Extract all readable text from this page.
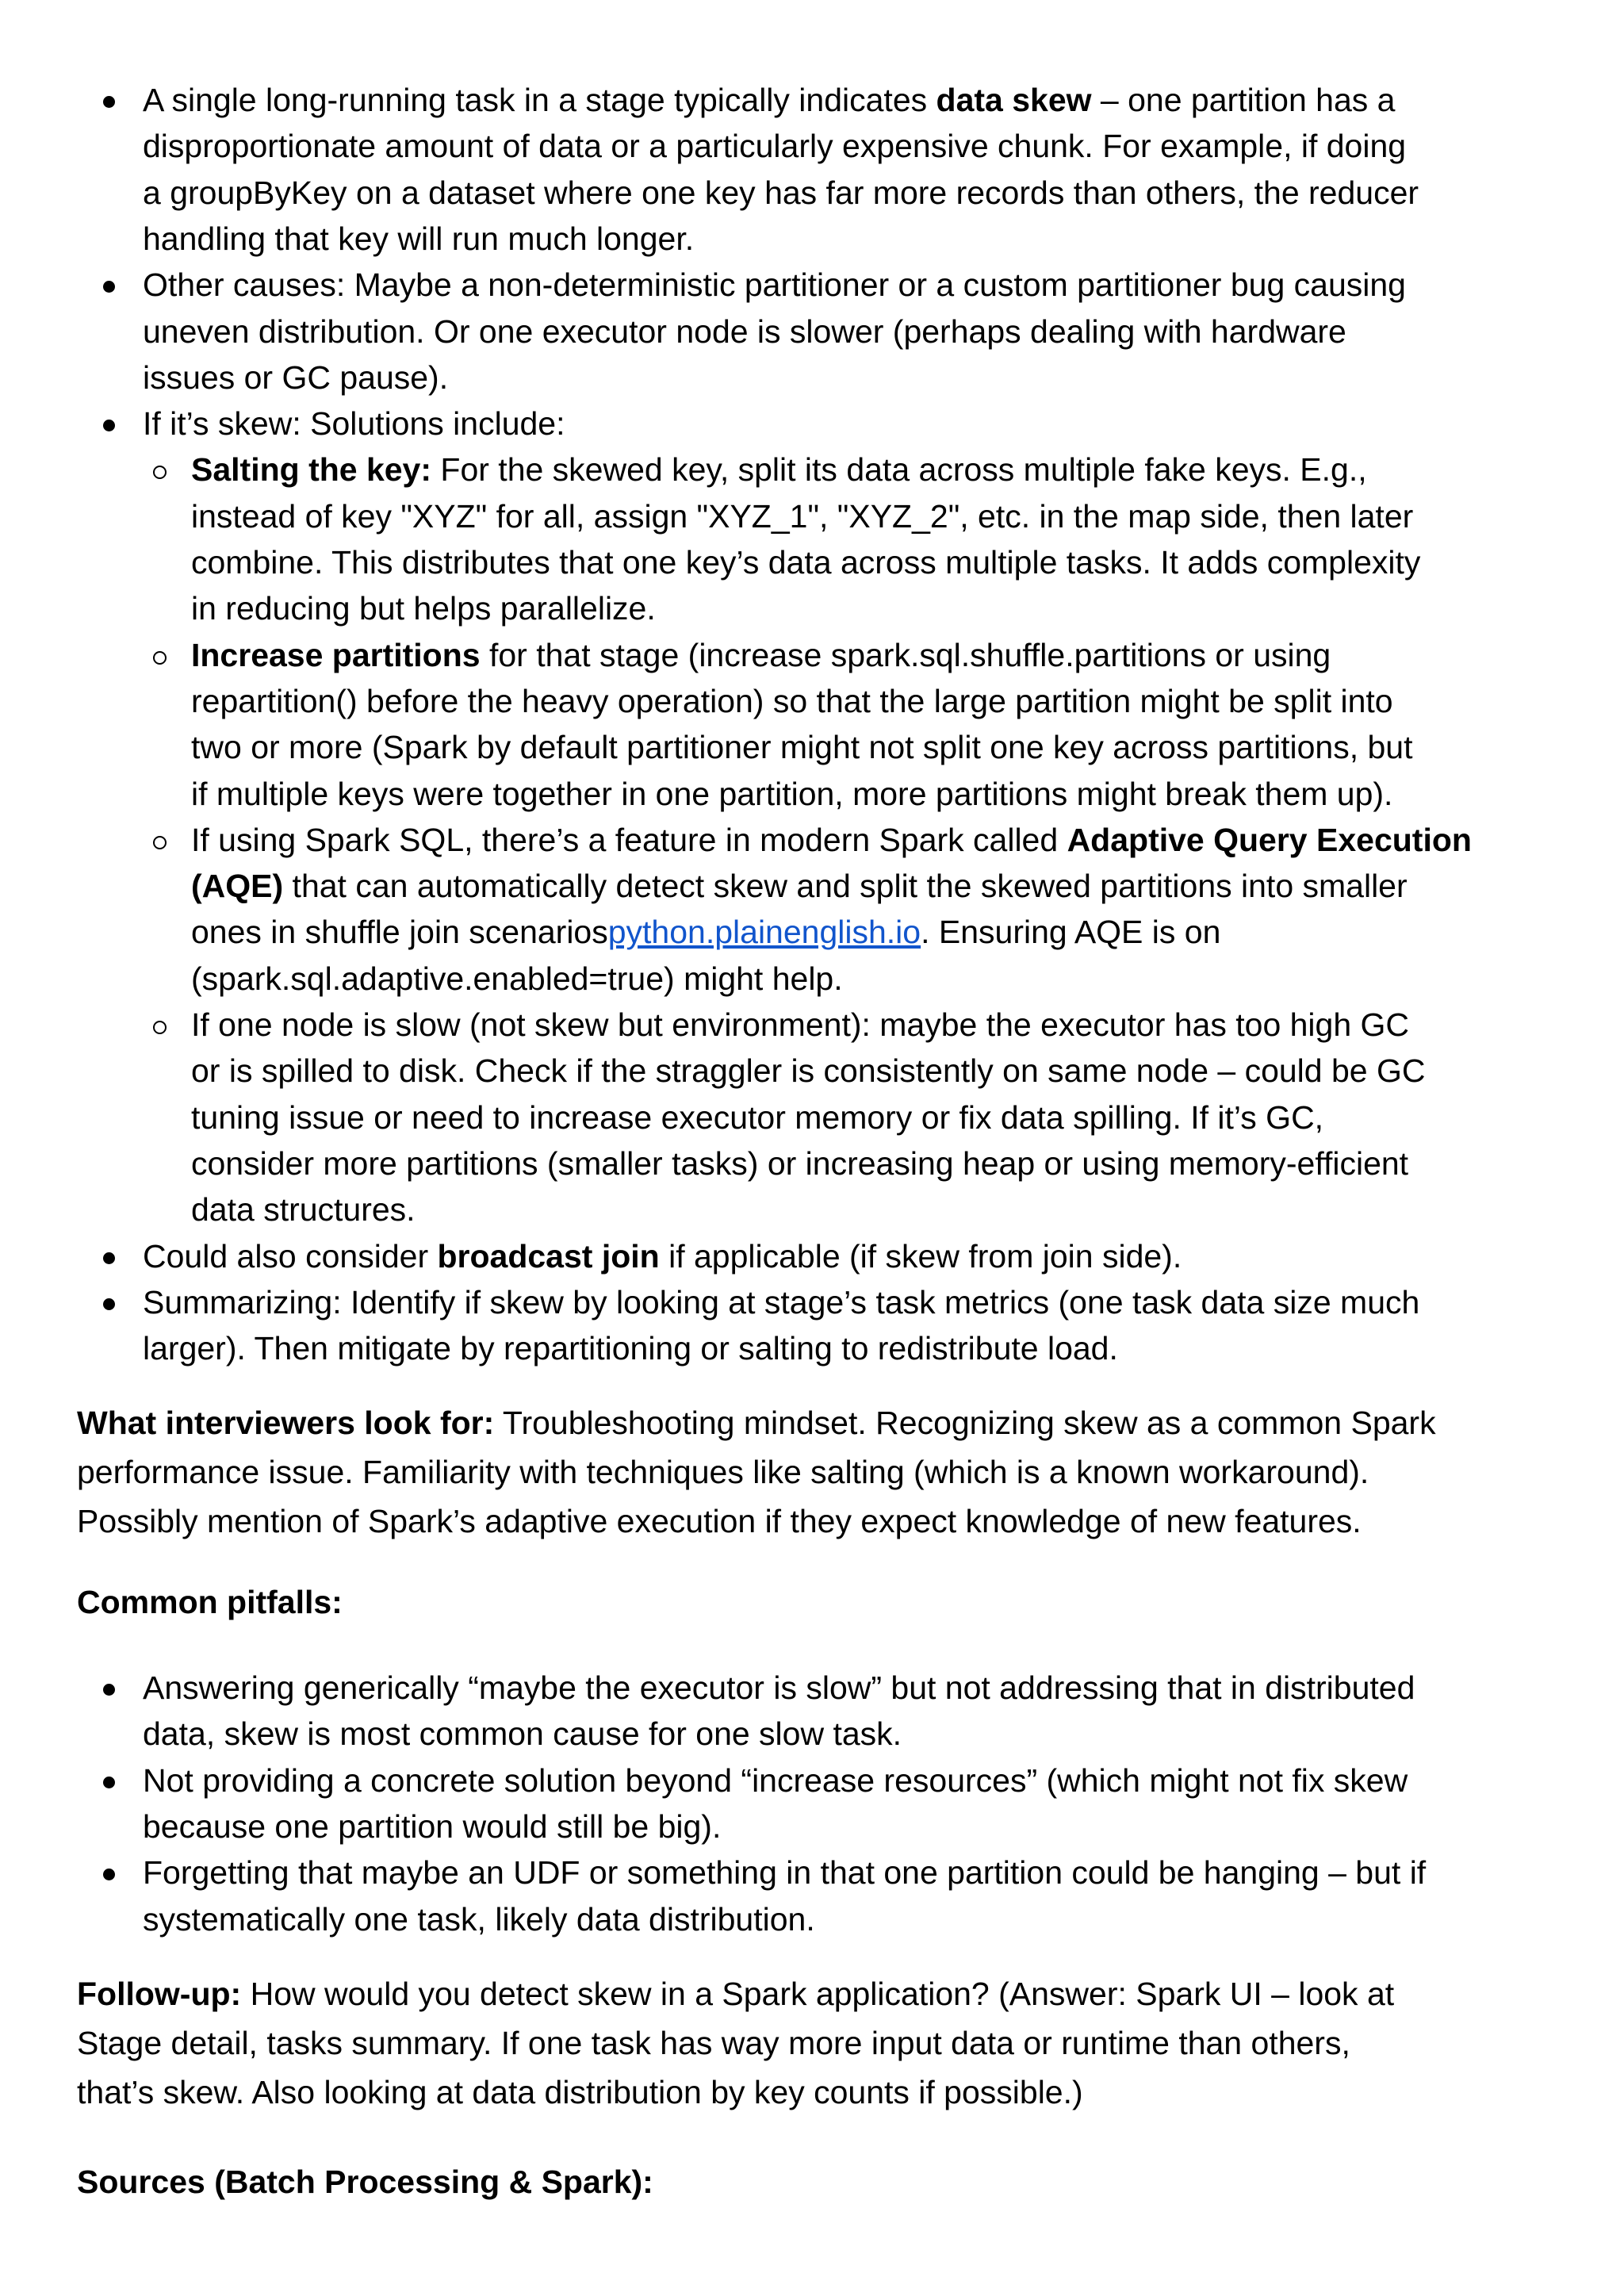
A single long-running task in a stage typically indicates data skew – one partition has a
disproportionate amount of data or a particularly expensive chunk. For example, if doing
a groupByKey on a dataset where one key has far more records than others, the reducer
handling that key will run much longer.
Other causes: Maybe a non-deterministic partitioner or a custom partitioner bug causing
uneven distribution. Or one executor node is slower (perhaps dealing with hardware
issues or GC pause).
If it’s skew: Solutions include:
Salting the key: For the skewed key, split its data across multiple fake keys. E.g.,
instead of key "XYZ" for all, assign "XYZ_1", "XYZ_2", etc. in the map side, then later
combine. This distributes that one key’s data across multiple tasks. It adds complexity
in reducing but helps parallelize.
Increase partitions for that stage (increase spark.sql.shuffle.partitions or using
repartition() before the heavy operation) so that the large partition might be split into
two or more (Spark by default partitioner might not split one key across partitions, but
if multiple keys were together in one partition, more partitions might break them up).
If using Spark SQL, there’s a feature in modern Spark called Adaptive Query Execution
(AQE) that can automatically detect skew and split the skewed partitions into smaller
ones in shuffle join scenariospython.plainenglish.io. Ensuring AQE is on
(spark.sql.adaptive.enabled=true) might help.
If one node is slow (not skew but environment): maybe the executor has too high GC
or is spilled to disk. Check if the straggler is consistently on same node – could be GC
tuning issue or need to increase executor memory or fix data spilling. If it’s GC,
consider more partitions (smaller tasks) or increasing heap or using memory-efficient
data structures.
Could also consider broadcast join if applicable (if skew from join side).
Summarizing: Identify if skew by looking at stage’s task metrics (one task data size much
larger). Then mitigate by repartitioning or salting to redistribute load.
What interviewers look for: Troubleshooting mindset. Recognizing skew as a common Spark
performance issue. Familiarity with techniques like salting (which is a known workaround).
Possibly mention of Spark’s adaptive execution if they expect knowledge of new features.
Common pitfalls:
Answering generically “maybe the executor is slow” but not addressing that in distributed
data, skew is most common cause for one slow task.
Not providing a concrete solution beyond “increase resources” (which might not fix skew
because one partition would still be big).
Forgetting that maybe an UDF or something in that one partition could be hanging – but if
systematically one task, likely data distribution.
Follow-up: How would you detect skew in a Spark application? (Answer: Spark UI – look at
Stage detail, tasks summary. If one task has way more input data or runtime than others,
that’s skew. Also looking at data distribution by key counts if possible.)
Sources (Batch Processing & Spark):
